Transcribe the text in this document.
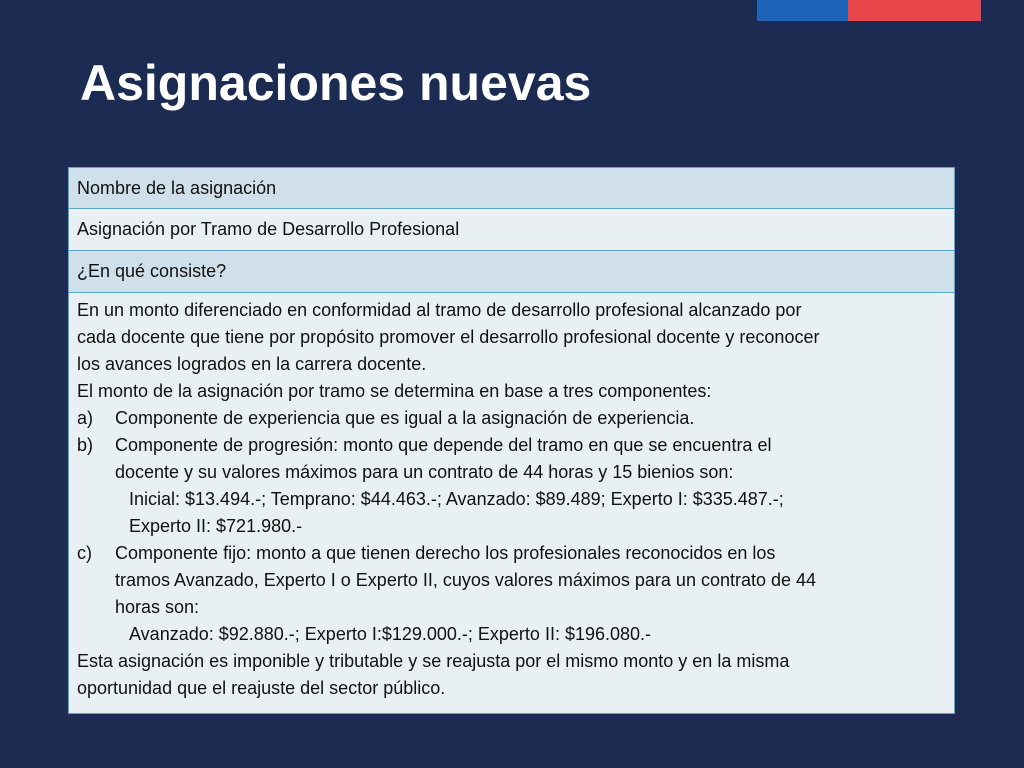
Asignaciones nuevas
Nombre de la asignación
Asignación por Tramo de Desarrollo Profesional
¿En qué consiste?

En un monto diferenciado en conformidad al tramo de desarrollo profesional alcanzado por

cada docente que tiene por propósito promover el desarrollo profesional docente y reconocer

los avances logrados en la carrera docente.

El monto de la asignación por tramo se determina en base a tres componentes:

a)	Componente de experiencia que es igual a la asignación de experiencia.
b)	Componente de progresión: monto que depende del tramo en que se encuentra el
docente y su valores máximos para un contrato de 44 horas y 15 bienios son:

Inicial: $13.494.-; Temprano: $44.463.-; Avanzado: $89.489; Experto I: $335.487.-;

Experto II: $721.980.-

c)	Componente fijo: monto a que tienen derecho los profesionales reconocidos en los
tramos Avanzado, Experto I o Experto II, cuyos valores máximos para un contrato de 44
horas son:

Avanzado: $92.880.-; Experto I:$129.000.-; Experto II: $196.080.-

Esta asignación es imponible y tributable y se reajusta por el mismo monto y en la misma

oportunidad que el reajuste del sector público.
